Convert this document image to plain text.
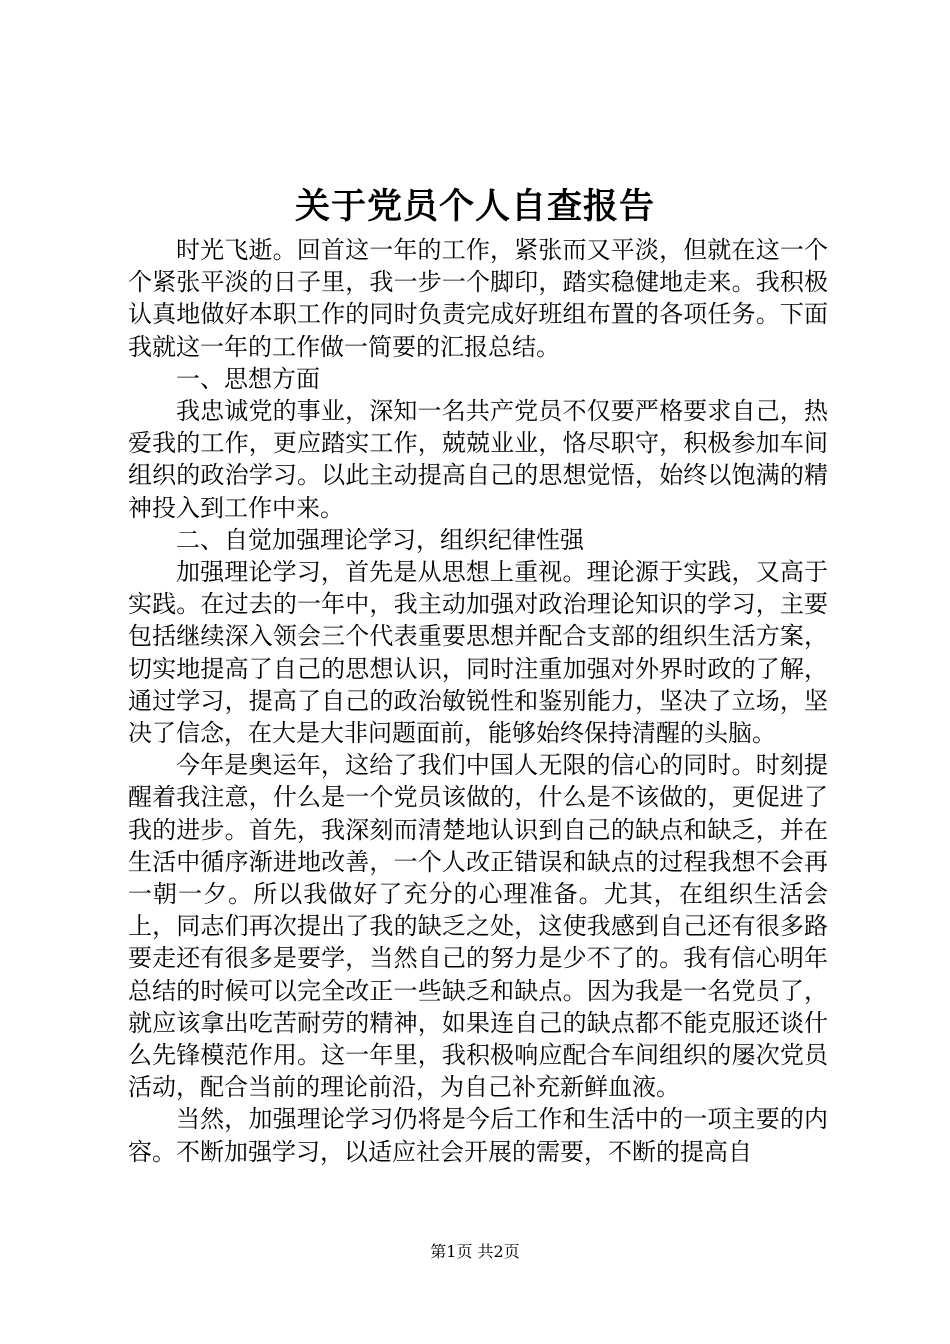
关于党员个人自查报告

时光飞逝。回首这一年的工作，紧张而又平淡，但就在这一个个紧张平淡的日子里，我一步一个脚印，踏实稳健地走来。我积极认真地做好本职工作的同时负责完成好班组布置的各项任务。下面我就这一年的工作做一简要的汇报总结。

一、思想方面

我忠诚党的事业，深知一名共产党员不仅要严格要求自己，热爱我的工作，更应踏实工作，兢兢业业，恪尽职守，积极参加车间组织的政治学习。以此主动提高自己的思想觉悟，始终以饱满的精神投入到工作中来。

二、自觉加强理论学习，组织纪律性强

加强理论学习，首先是从思想上重视。理论源于实践，又高于实践。在过去的一年中，我主动加强对政治理论知识的学习，主要包括继续深入领会三个代表重要思想并配合支部的组织生活方案，切实地提高了自己的思想认识，同时注重加强对外界时政的了解，通过学习，提高了自己的政治敏锐性和鉴别能力，坚决了立场，坚决了信念，在大是大非问题面前，能够始终保持清醒的头脑。

今年是奥运年，这给了我们中国人无限的信心的同时。时刻提醒着我注意，什么是一个党员该做的，什么是不该做的，更促进了我的进步。首先，我深刻而清楚地认识到自己的缺点和缺乏，并在生活中循序渐进地改善，一个人改正错误和缺点的过程我想不会再一朝一夕。所以我做好了充分的心理准备。尤其，在组织生活会上，同志们再次提出了我的缺乏之处，这使我感到自己还有很多路要走还有很多是要学，当然自己的努力是少不了的。我有信心明年总结的时候可以完全改正一些缺乏和缺点。因为我是一名党员了，就应该拿出吃苦耐劳的精神，如果连自己的缺点都不能克服还谈什么先锋模范作用。这一年里，我积极响应配合车间组织的屡次党员活动，配合当前的理论前沿，为自己补充新鲜血液。

当然，加强理论学习仍将是今后工作和生活中的一项主要的内容。不断加强学习，以适应社会开展的需要，不断的提高自

第1页 共2页
